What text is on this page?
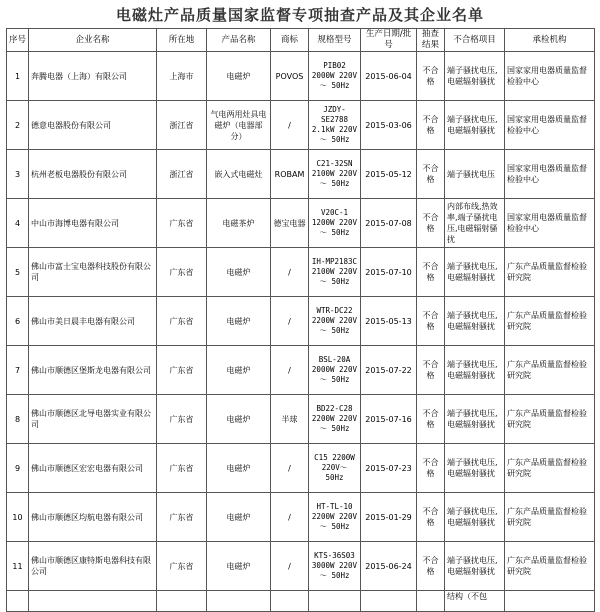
电磁灶产品质量国家监督专项抽查产品及其企业名单
序号	企业名称	所在地	产品名称	商标	规格型号	生产日期/批号	抽查结果	不合格项目	承检机构
1	奔腾电器（上海）有限公司	上海市	电磁炉	POVOS	PIB02 2000W 220V～ 50Hz	2015-06-04	不合格	端子骚扰电压,电磁辐射骚扰	国家家用电器质量监督检验中心
2	德意电器股份有限公司	浙江省	气电两用灶具电磁炉（电器部分）	/	JZDY-SE2788 2.1kW 220V～ 50Hz	2015-03-06	不合格	端子骚扰电压,电磁辐射骚扰	国家家用电器质量监督检验中心
3	杭州老板电器股份有限公司	浙江省	嵌入式电磁灶	ROBAM	C21-32SN 2100W 220V～ 50Hz	2015-05-12	不合格	端子骚扰电压	国家家用电器质量监督检验中心
4	中山市海博电器有限公司	广东省	电磁茶炉	德宝电器	V20C-1 1200W 220V～ 50Hz	2015-07-08	不合格	内部布线,热效率,端子骚扰电压,电磁辐射骚扰	国家家用电器质量监督检验中心
5	佛山市富士宝电器科技股份有限公司	广东省	电磁炉	/	IH-MP2183C 2100W 220V～ 50Hz	2015-07-10	不合格	端子骚扰电压,电磁辐射骚扰	广东产品质量监督检验研究院
6	佛山市美日晨丰电器有限公司	广东省	电磁炉	/	WTR-DC22 2200W 220V～ 50Hz	2015-05-13	不合格	端子骚扰电压,电磁辐射骚扰	广东产品质量监督检验研究院
7	佛山市顺德区堡斯龙电器有限公司	广东省	电磁炉	/	BSL-20A 2000W 220V～ 50Hz	2015-07-22	不合格	端子骚扰电压,电磁辐射骚扰	广东产品质量监督检验研究院
8	佛山市顺德区北导电器实业有限公司	广东省	电磁炉	半球	BD22-C28 2200W 220V～ 50Hz	2015-07-16	不合格	端子骚扰电压,电磁辐射骚扰	广东产品质量监督检验研究院
9	佛山市顺德区宏宏电器有限公司	广东省	电磁炉	/	C15 2200W 220V～ 50Hz	2015-07-23	不合格	端子骚扰电压,电磁辐射骚扰	广东产品质量监督检验研究院
10	佛山市顺德区均航电器有限公司	广东省	电磁炉	/	HT-TL-10 2200W 220V～ 50Hz	2015-01-29	不合格	端子骚扰电压,电磁辐射骚扰	广东产品质量监督检验研究院
11	佛山市顺德区康特斯电器科技有限公司	广东省	电磁炉	/	KTS-36S03 3000W 220V～ 50Hz	2015-06-24	不合格	端子骚扰电压,电磁辐射骚扰	广东产品质量监督检验研究院
								结构（不包	
